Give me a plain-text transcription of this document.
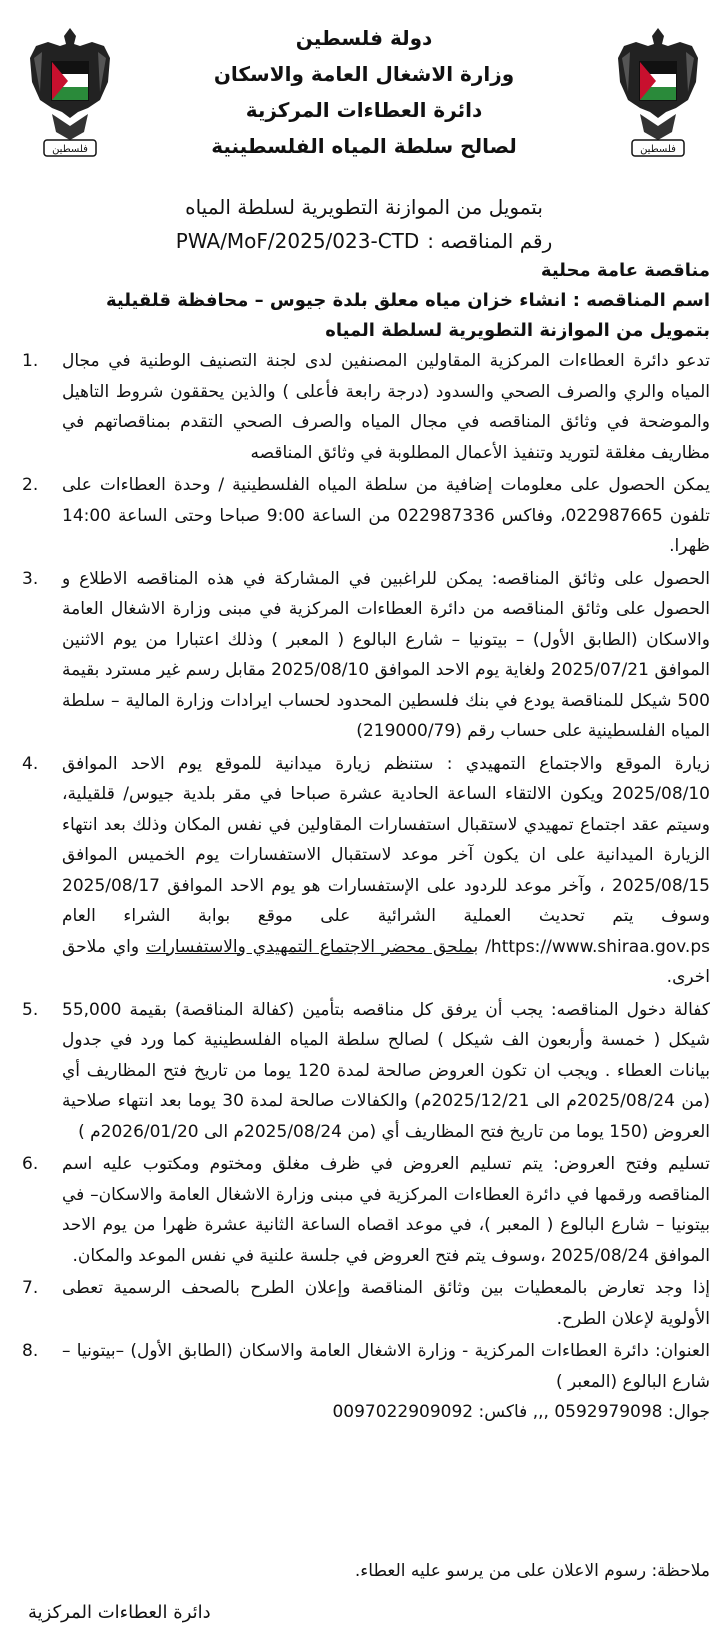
فلسطين	فلسطين
دولة فلسطين
وزارة الاشغال العامة والاسكان
دائرة العطاءات المركزية
لصالح سلطة المياه الفلسطينية
بتمويل من الموازنة التطويرية لسلطة المياه
رقم المناقصه :
PWA/MoF/2025/023-CTD
مناقصة عامة محلية
اسم المناقصه : انشاء خزان مياه معلق بلدة جيوس – محافظة قلقيلية
بتمويل من الموازنة التطويرية لسلطة المياه
1.	تدعو دائرة العطاءات المركزية المقاولين المصنفين لدى لجنة التصنيف الوطنية في مجال المياه والري والصرف الصحي والسدود (درجة رابعة فأعلى ) والذين يحققون شروط التاهيل والموضحة في وثائق المناقصه في مجال المياه والصرف الصحي التقدم بمناقصاتهم في مظاريف مغلقة لتوريد وتنفيذ الأعمال المطلوبة في وثائق المناقصه
2.	يمكن الحصول على معلومات إضافية من سلطة المياه الفلسطينية / وحدة العطاءات على تلفون 022987665، وفاكس 022987336 من الساعة 9:00 صباحا وحتى الساعة 14:00 ظهرا.
3.	الحصول على وثائق المناقصه: يمكن للراغبين في المشاركة في هذه المناقصه الاطلاع و الحصول على وثائق المناقصه من دائرة العطاءات المركزية في مبنى وزارة الاشغال العامة والاسكان (الطابق الأول) – بيتونيا – شارع البالوع ( المعبر ) وذلك اعتبارا من يوم الاثنين الموافق 2025/07/21 ولغاية يوم الاحد الموافق 2025/08/10 مقابل رسم غير مسترد بقيمة 500 شيكل للمناقصة يودع في بنك فلسطين المحدود لحساب ايرادات وزارة المالية – سلطة المياه الفلسطينية على حساب رقم (219000/79)
4.	زيارة الموقع والاجتماع التمهيدي : ستنظم زيارة ميدانية للموقع يوم الاحد الموافق 2025/08/10 ويكون الالتقاء الساعة الحادية عشرة صباحا في مقر بلدية جيوس/ قلقيلية، وسيتم عقد اجتماع تمهيدي لاستقبال استفسارات المقاولين في نفس المكان وذلك بعد انتهاء الزيارة الميدانية على ان يكون آخر موعد لاستقبال الاستفسارات يوم الخميس الموافق 2025/08/15 ، وآخر موعد للردود على الإستفسارات هو يوم الاحد الموافق 2025/08/17 وسوف يتم تحديث العملية الشرائية على موقع بوابة الشراء العام https://www.shiraa.gov.ps/ بملحق محضر الاجتماع التمهيدي والاستفسارات واي ملاحق اخرى.
5.	كفالة دخول المناقصه: يجب أن يرفق كل مناقصه بتأمين (كفالة المناقصة) بقيمة 55,000 شيكل ( خمسة وأربعون الف شيكل ) لصالح سلطة المياه الفلسطينية كما ورد في جدول بيانات العطاء . ويجب ان تكون العروض صالحة لمدة 120 يوما من تاريخ فتح المظاريف أي (من 2025/08/24م الى 2025/12/21م) والكفالات صالحة لمدة 30 يوما بعد انتهاء صلاحية العروض (150 يوما من تاريخ فتح المظاريف أي (من 2025/08/24م الى 2026/01/20م )
6.	تسليم وفتح العروض: يتم تسليم العروض في ظرف مغلق ومختوم ومكتوب عليه اسم المناقصه ورقمها في دائرة العطاءات المركزية في مبنى وزارة الاشغال العامة والاسكان– في بيتونيا – شارع البالوع ( المعبر )، في موعد اقصاه الساعة الثانية عشرة ظهرا من يوم الاحد الموافق 2025/08/24 ،وسوف يتم فتح العروض في جلسة علنية في نفس الموعد والمكان.
7.	إذا وجد تعارض بالمعطيات بين وثائق المناقصة وإعلان الطرح بالصحف الرسمية تعطى الأولوية لإعلان الطرح.
8.	العنوان: دائرة العطاءات المركزية - وزارة الاشغال العامة والاسكان (الطابق الأول) –بيتونيا – شارع البالوع (المعبر )
جوال: 0592979098 ,,, فاكس: 0097022909092
ملاحظة: رسوم الاعلان على من يرسو عليه العطاء.
دائرة العطاءات المركزية
